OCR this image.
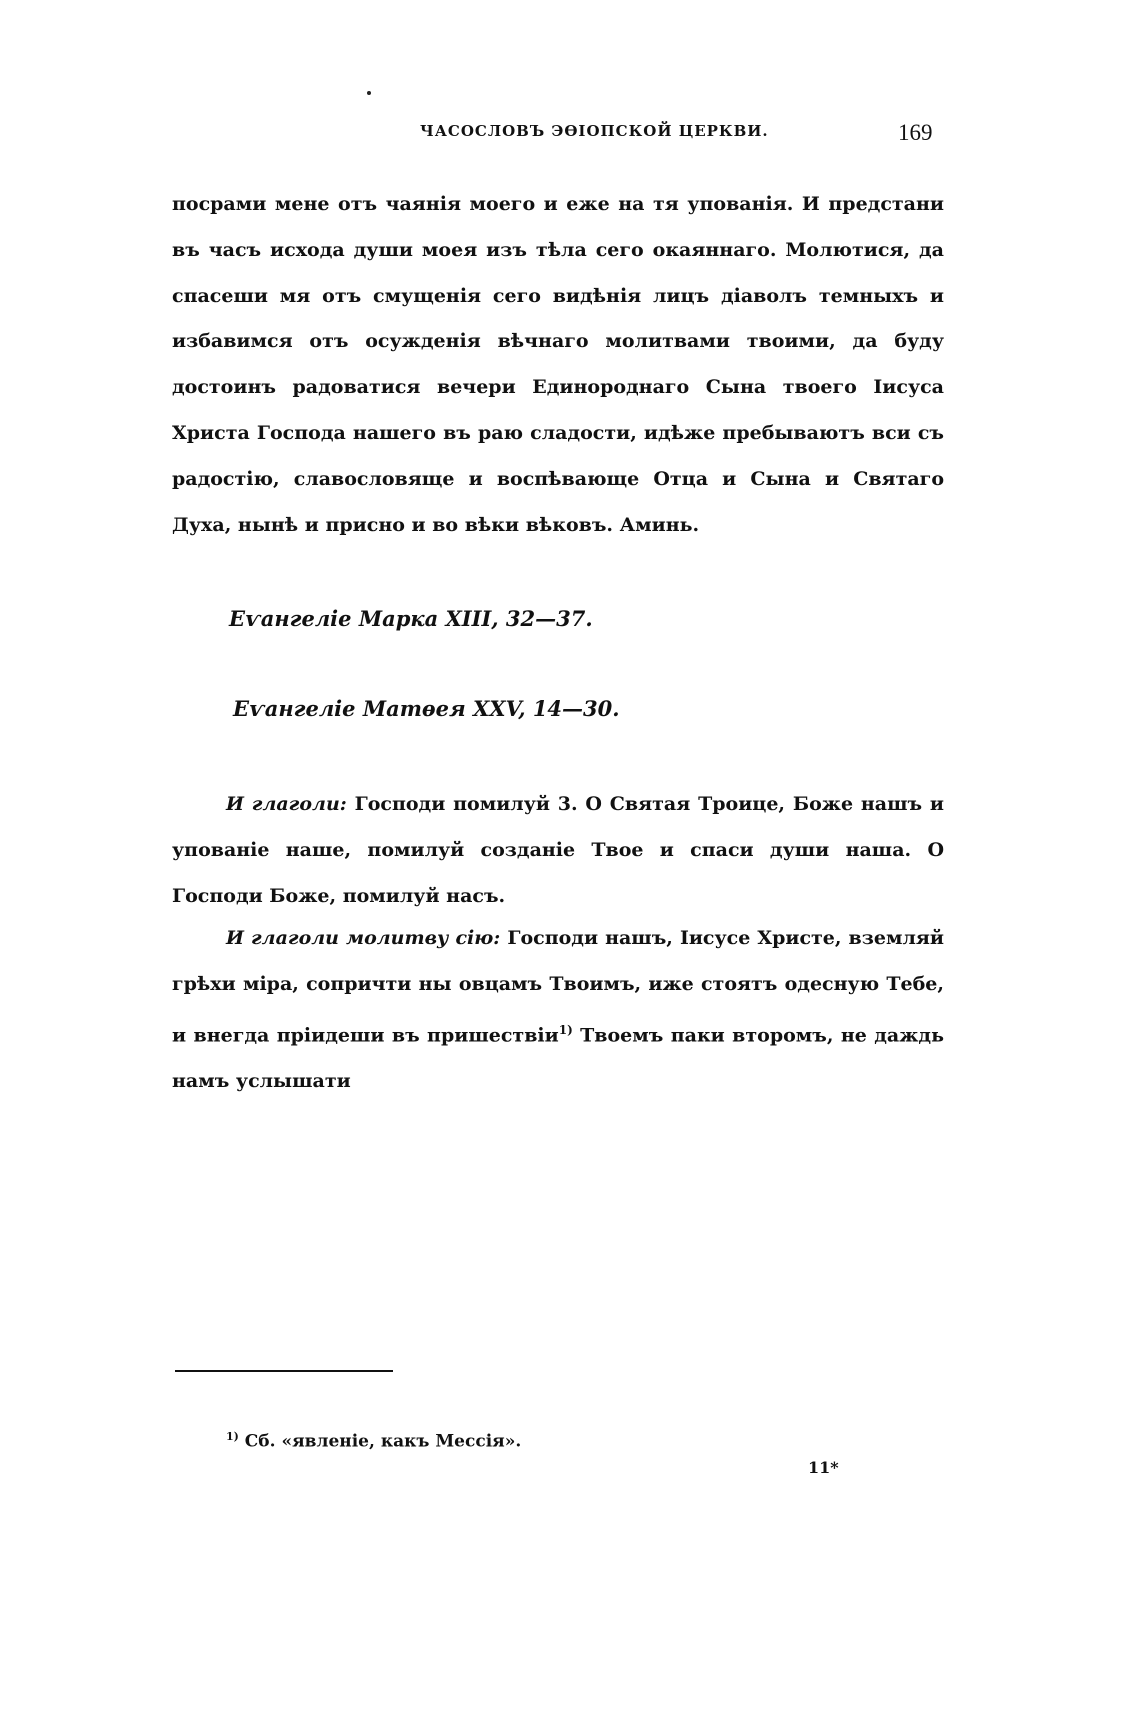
ЧАСОСЛОВЪ ЭѲІОПСКОЙ ЦЕРКВИ.	169
посрами мене отъ чаянія моего и еже на тя упованія. И предстани въ часъ исхода души моея изъ тѣла сего окаяннаго. Молютися, да спасеши мя отъ смущенія сего видѣнія лицъ діаволъ темныхъ и избавимся отъ осужденія вѣчнаго молитвами твоими, да буду достоинъ радоватися вечери Единороднаго Сына твоего Іисуса Христа Господа нашего въ раю сладости, идѣже пребываютъ вси съ радостію, славословяще и воспѣвающе Отца и Сына и Святаго Духа, нынѣ и присно и во вѣки вѣковъ. Аминь.
Еѵангеліе Марка XIII, 32—37.
Еѵангеліе Матѳея XXV, 14—30.
И глаголи: Господи помилуй 3. О Святая Троице, Боже нашъ и упованіе наше, помилуй созданіе Твое и спаси души наша. О Господи Боже, помилуй насъ.
И глаголи молитву сію: Господи нашъ, Іисусе Христе, вземляй грѣхи міра, сопричти ны овцамъ Твоимъ, иже стоятъ одесную Тебе, и внегда пріидеши въ пришествіи$^{1)}$ Твоемъ паки второмъ, не даждь намъ услышати
$^{1)}$ Сб. «явленіе, какъ Мессія».
11*
